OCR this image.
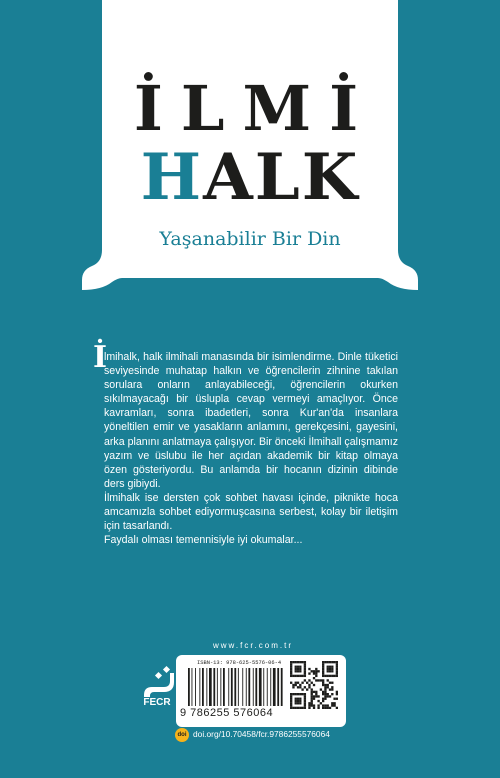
İLMİ
HALK
Yaşanabilir Bir Din
İ

lmihalk, halk ilmihali manasında bir isimlendirme. Dinle tüketici seviyesinde muhatap halkın ve öğrencilerin zihnine takılan sorulara onların anlayabileceği, öğrencilerin okurken sıkılmayacağı bir üslupla cevap vermeyi amaçlıyor. Önce kavramları, sonra ibadetleri, sonra Kur'an'da insanlara yöneltilen emir ve yasakların anlamını, gerekçesini, gayesini, arka planını anlatmaya çalışıyor. Bir önceki İlmihall çalışmamız yazım ve üslubu ile her açıdan akademik bir kitap olmaya özen gösteriyordu. Bu anlamda bir hocanın dizinin dibinde ders gibiydi.

İlmihalk ise dersten çok sohbet havası içinde, piknikte hoca amcamızla sohbet ediyormuşcasına serbest, kolay bir iletişim için tasarlandı.

Faydalı olması temennisiyle iyi okumalar...

www.fcr.com.tr
FECR
ISBN-13: 978-625-5576-06-4
9 786255 576064
doi doi.org/10.70458/fcr.9786255576064
